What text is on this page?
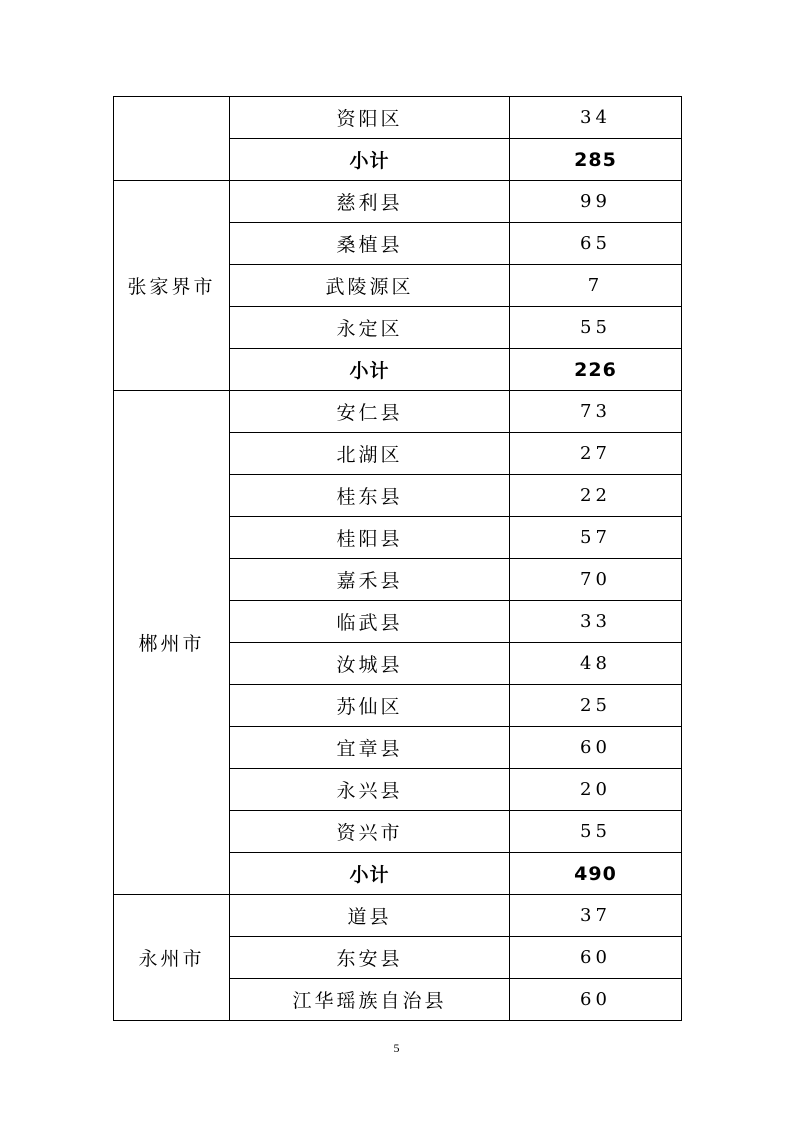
	资阳区	34
	小计	285
张家界市	慈利县	99
	桑植县	65
	武陵源区	7
	永定区	55
	小计	226
郴州市	安仁县	73
	北湖区	27
	桂东县	22
	桂阳县	57
	嘉禾县	70
	临武县	33
	汝城县	48
	苏仙区	25
	宜章县	60
	永兴县	20
	资兴市	55
	小计	490
永州市	道县	37
	东安县	60
	江华瑶族自治县	60
5
